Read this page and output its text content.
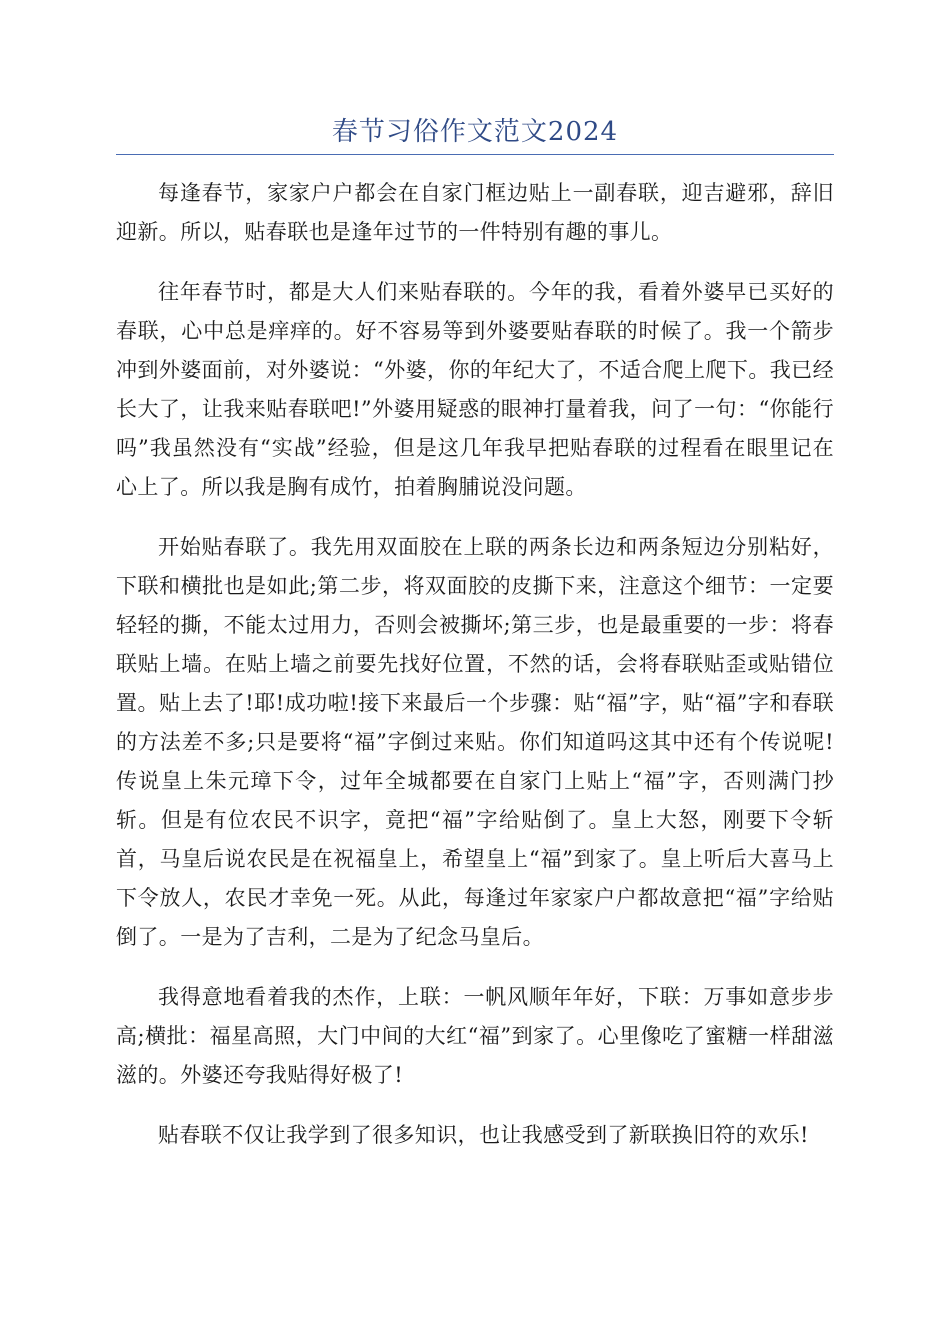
春节习俗作文范文2024

每逢春节，家家户户都会在自家门框边贴上一副春联，迎吉避邪，辞旧迎新。所以，贴春联也是逢年过节的一件特别有趣的事儿。

往年春节时，都是大人们来贴春联的。今年的我，看着外婆早已买好的春联，心中总是痒痒的。好不容易等到外婆要贴春联的时候了。我一个箭步冲到外婆面前，对外婆说：“外婆，你的年纪大了，不适合爬上爬下。我已经长大了，让我来贴春联吧!”外婆用疑惑的眼神打量着我，问了一句：“你能行吗”我虽然没有“实战”经验，但是这几年我早把贴春联的过程看在眼里记在心上了。所以我是胸有成竹，拍着胸脯说没问题。

开始贴春联了。我先用双面胶在上联的两条长边和两条短边分别粘好，下联和横批也是如此;第二步，将双面胶的皮撕下来，注意这个细节：一定要轻轻的撕，不能太过用力，否则会被撕坏;第三步，也是最重要的一步：将春联贴上墙。在贴上墙之前要先找好位置，不然的话，会将春联贴歪或贴错位置。贴上去了!耶!成功啦!接下来最后一个步骤：贴“福”字，贴“福”字和春联的方法差不多;只是要将“福”字倒过来贴。你们知道吗这其中还有个传说呢!传说皇上朱元璋下令，过年全城都要在自家门上贴上“福”字，否则满门抄斩。但是有位农民不识字，竟把“福”字给贴倒了。皇上大怒，刚要下令斩首，马皇后说农民是在祝福皇上，希望皇上“福”到家了。皇上听后大喜马上下令放人，农民才幸免一死。从此，每逢过年家家户户都故意把“福”字给贴倒了。一是为了吉利，二是为了纪念马皇后。

我得意地看着我的杰作，上联：一帆风顺年年好，下联：万事如意步步高;横批：福星高照，大门中间的大红“福”到家了。心里像吃了蜜糖一样甜滋滋的。外婆还夸我贴得好极了!

贴春联不仅让我学到了很多知识，也让我感受到了新联换旧符的欢乐!
